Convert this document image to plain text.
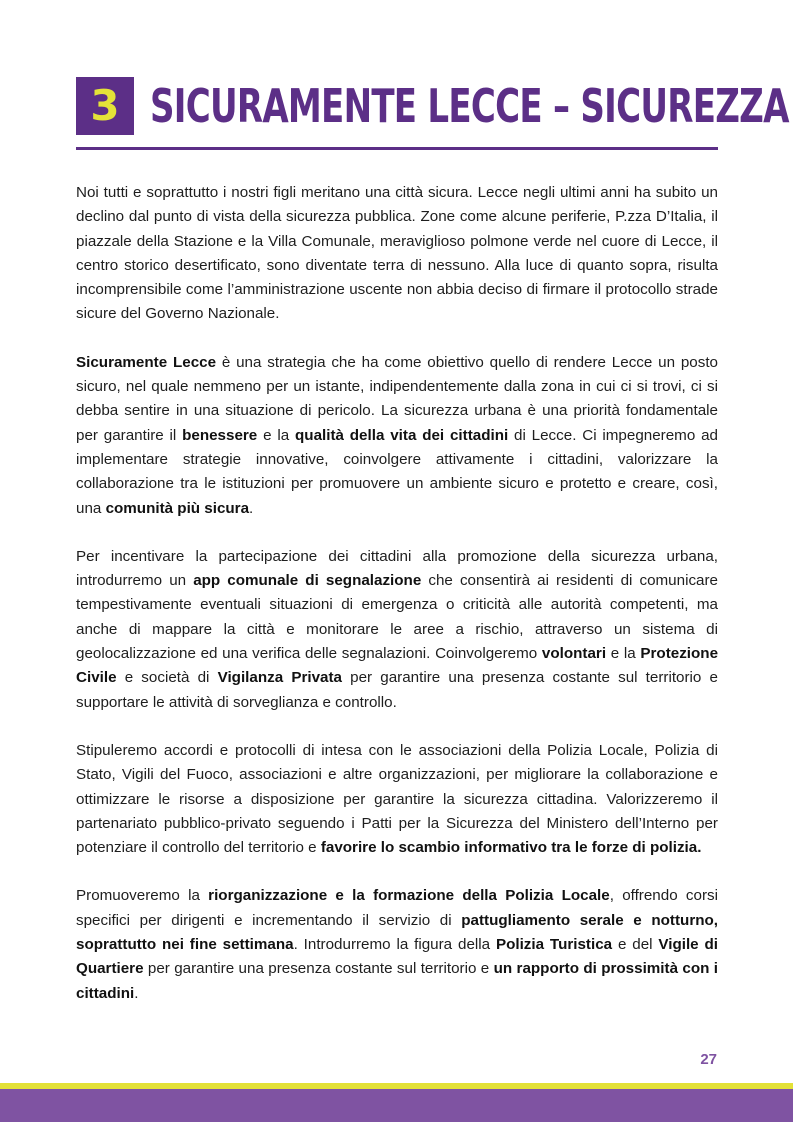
3 SICURAMENTE LECCE – SICUREZZA

Noi tutti e soprattutto i nostri figli meritano una città sicura. Lecce negli ultimi anni ha subito un declino dal punto di vista della sicurezza pubblica. Zone come alcune periferie, P.zza D’Italia, il piazzale della Stazione e la Villa Comunale, meraviglioso polmone verde nel cuore di Lecce, il centro storico desertificato, sono diventate terra di nessuno. Alla luce di quanto sopra, risulta incomprensibile come l’amministrazione uscente non abbia deciso di firmare il protocollo strade sicure del Governo Nazionale.

Sicuramente Lecce è una strategia che ha come obiettivo quello di rendere Lecce un posto sicuro, nel quale nemmeno per un istante, indipendentemente dalla zona in cui ci si trovi, ci si debba sentire in una situazione di pericolo. La sicurezza urbana è una priorità fondamentale per garantire il benessere e la qualità della vita dei cittadini di Lecce. Ci impegneremo ad implementare strategie innovative, coinvolgere attivamente i cittadini, valorizzare la collaborazione tra le istituzioni per promuovere un ambiente sicuro e protetto e creare, così, una comunità più sicura.

Per incentivare la partecipazione dei cittadini alla promozione della sicurezza urbana, introdurremo un app comunale di segnalazione che consentirà ai residenti di comunicare tempestivamente eventuali situazioni di emergenza o criticità alle autorità competenti, ma anche di mappare la città e monitorare le aree a rischio, attraverso un sistema di geolocalizzazione ed una verifica delle segnalazioni. Coinvolgeremo volontari e la Protezione Civile e società di Vigilanza Privata per garantire una presenza costante sul territorio e supportare le attività di sorveglianza e controllo.

Stipuleremo accordi e protocolli di intesa con le associazioni della Polizia Locale, Polizia di Stato, Vigili del Fuoco, associazioni e altre organizzazioni, per migliorare la collaborazione e ottimizzare le risorse a disposizione per garantire la sicurezza cittadina. Valorizzeremo il partenariato pubblico-privato seguendo i Patti per la Sicurezza del Ministero dell’Interno per potenziare il controllo del territorio e favorire lo scambio informativo tra le forze di polizia.

Promuoveremo la riorganizzazione e la formazione della Polizia Locale, offrendo corsi specifici per dirigenti e incrementando il servizio di pattugliamento serale e notturno, soprattutto nei fine settimana. Introdurremo la figura della Polizia Turistica e del Vigile di Quartiere per garantire una presenza costante sul territorio e un rapporto di prossimità con i cittadini.

27
